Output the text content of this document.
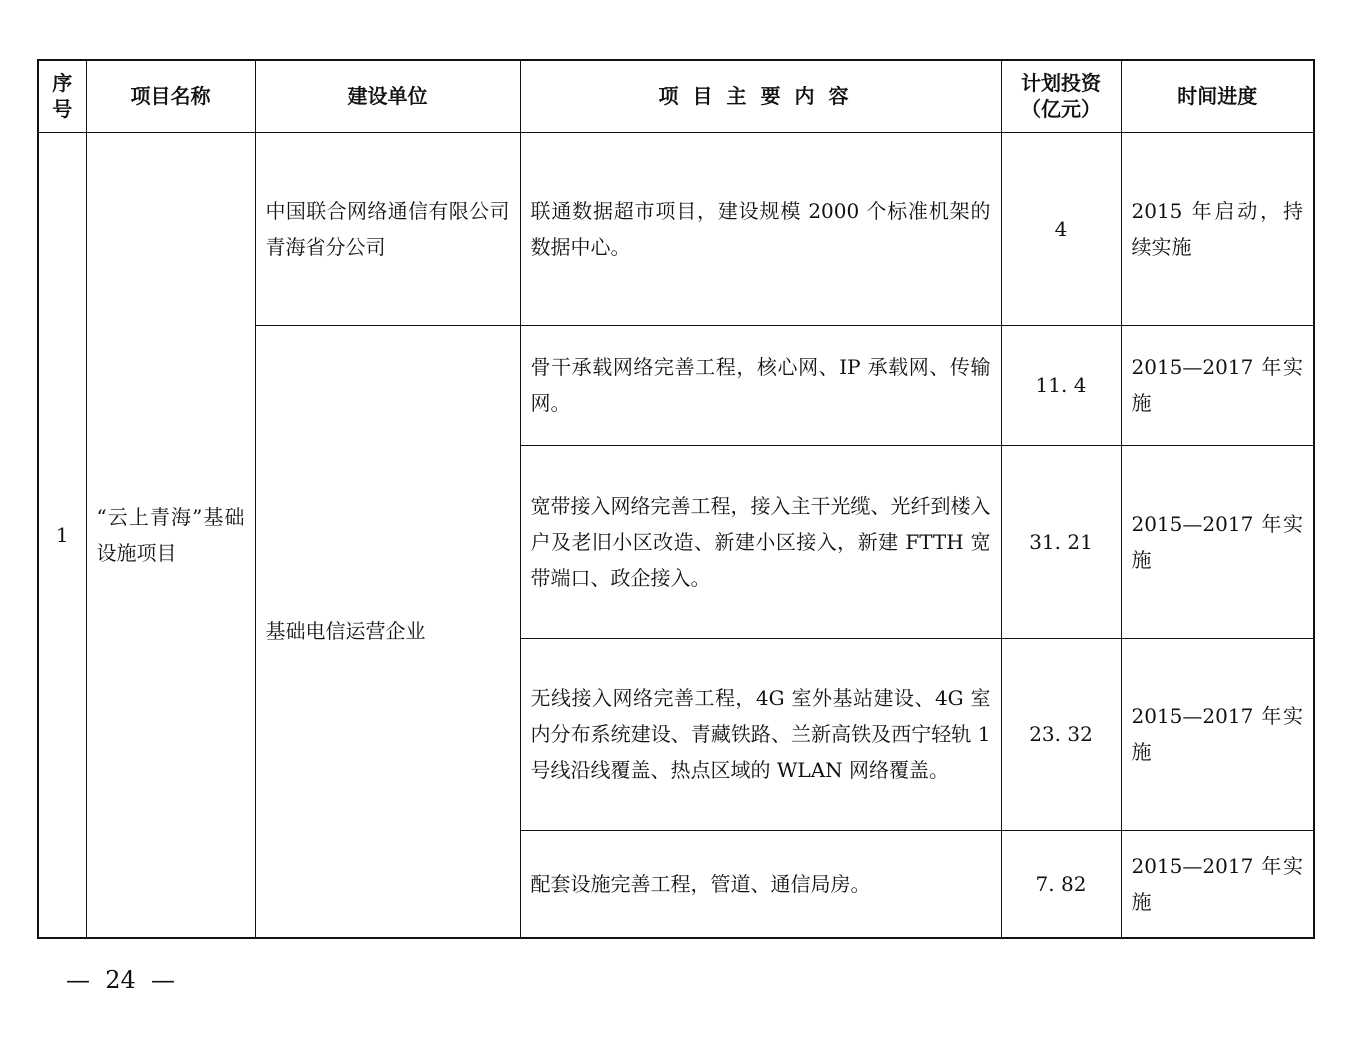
序号	项目名称	建设单位	项目主要内容	计划投资（亿元）	时间进度
1	“云上青海”基础设施项目	中国联合网络通信有限公司青海省分公司	联通数据超市项目，建设规模 2000 个标准机架的数据中心。	4	2015 年启动，持续实施
		基础电信运营企业	骨干承载网络完善工程，核心网、IP 承载网、传输网。	11. 4	2015—2017 年实施
			宽带接入网络完善工程，接入主干光缆、光纤到楼入户及老旧小区改造、新建小区接入，新建 FTTH 宽带端口、政企接入。	31. 21	2015—2017 年实施
			无线接入网络完善工程，4G 室外基站建设、4G 室内分布系统建设、青藏铁路、兰新高铁及西宁轻轨 1 号线沿线覆盖、热点区域的 WLAN 网络覆盖。	23. 32	2015—2017 年实施
			配套设施完善工程，管道、通信局房。	7. 82	2015—2017 年实施
—  24  —
